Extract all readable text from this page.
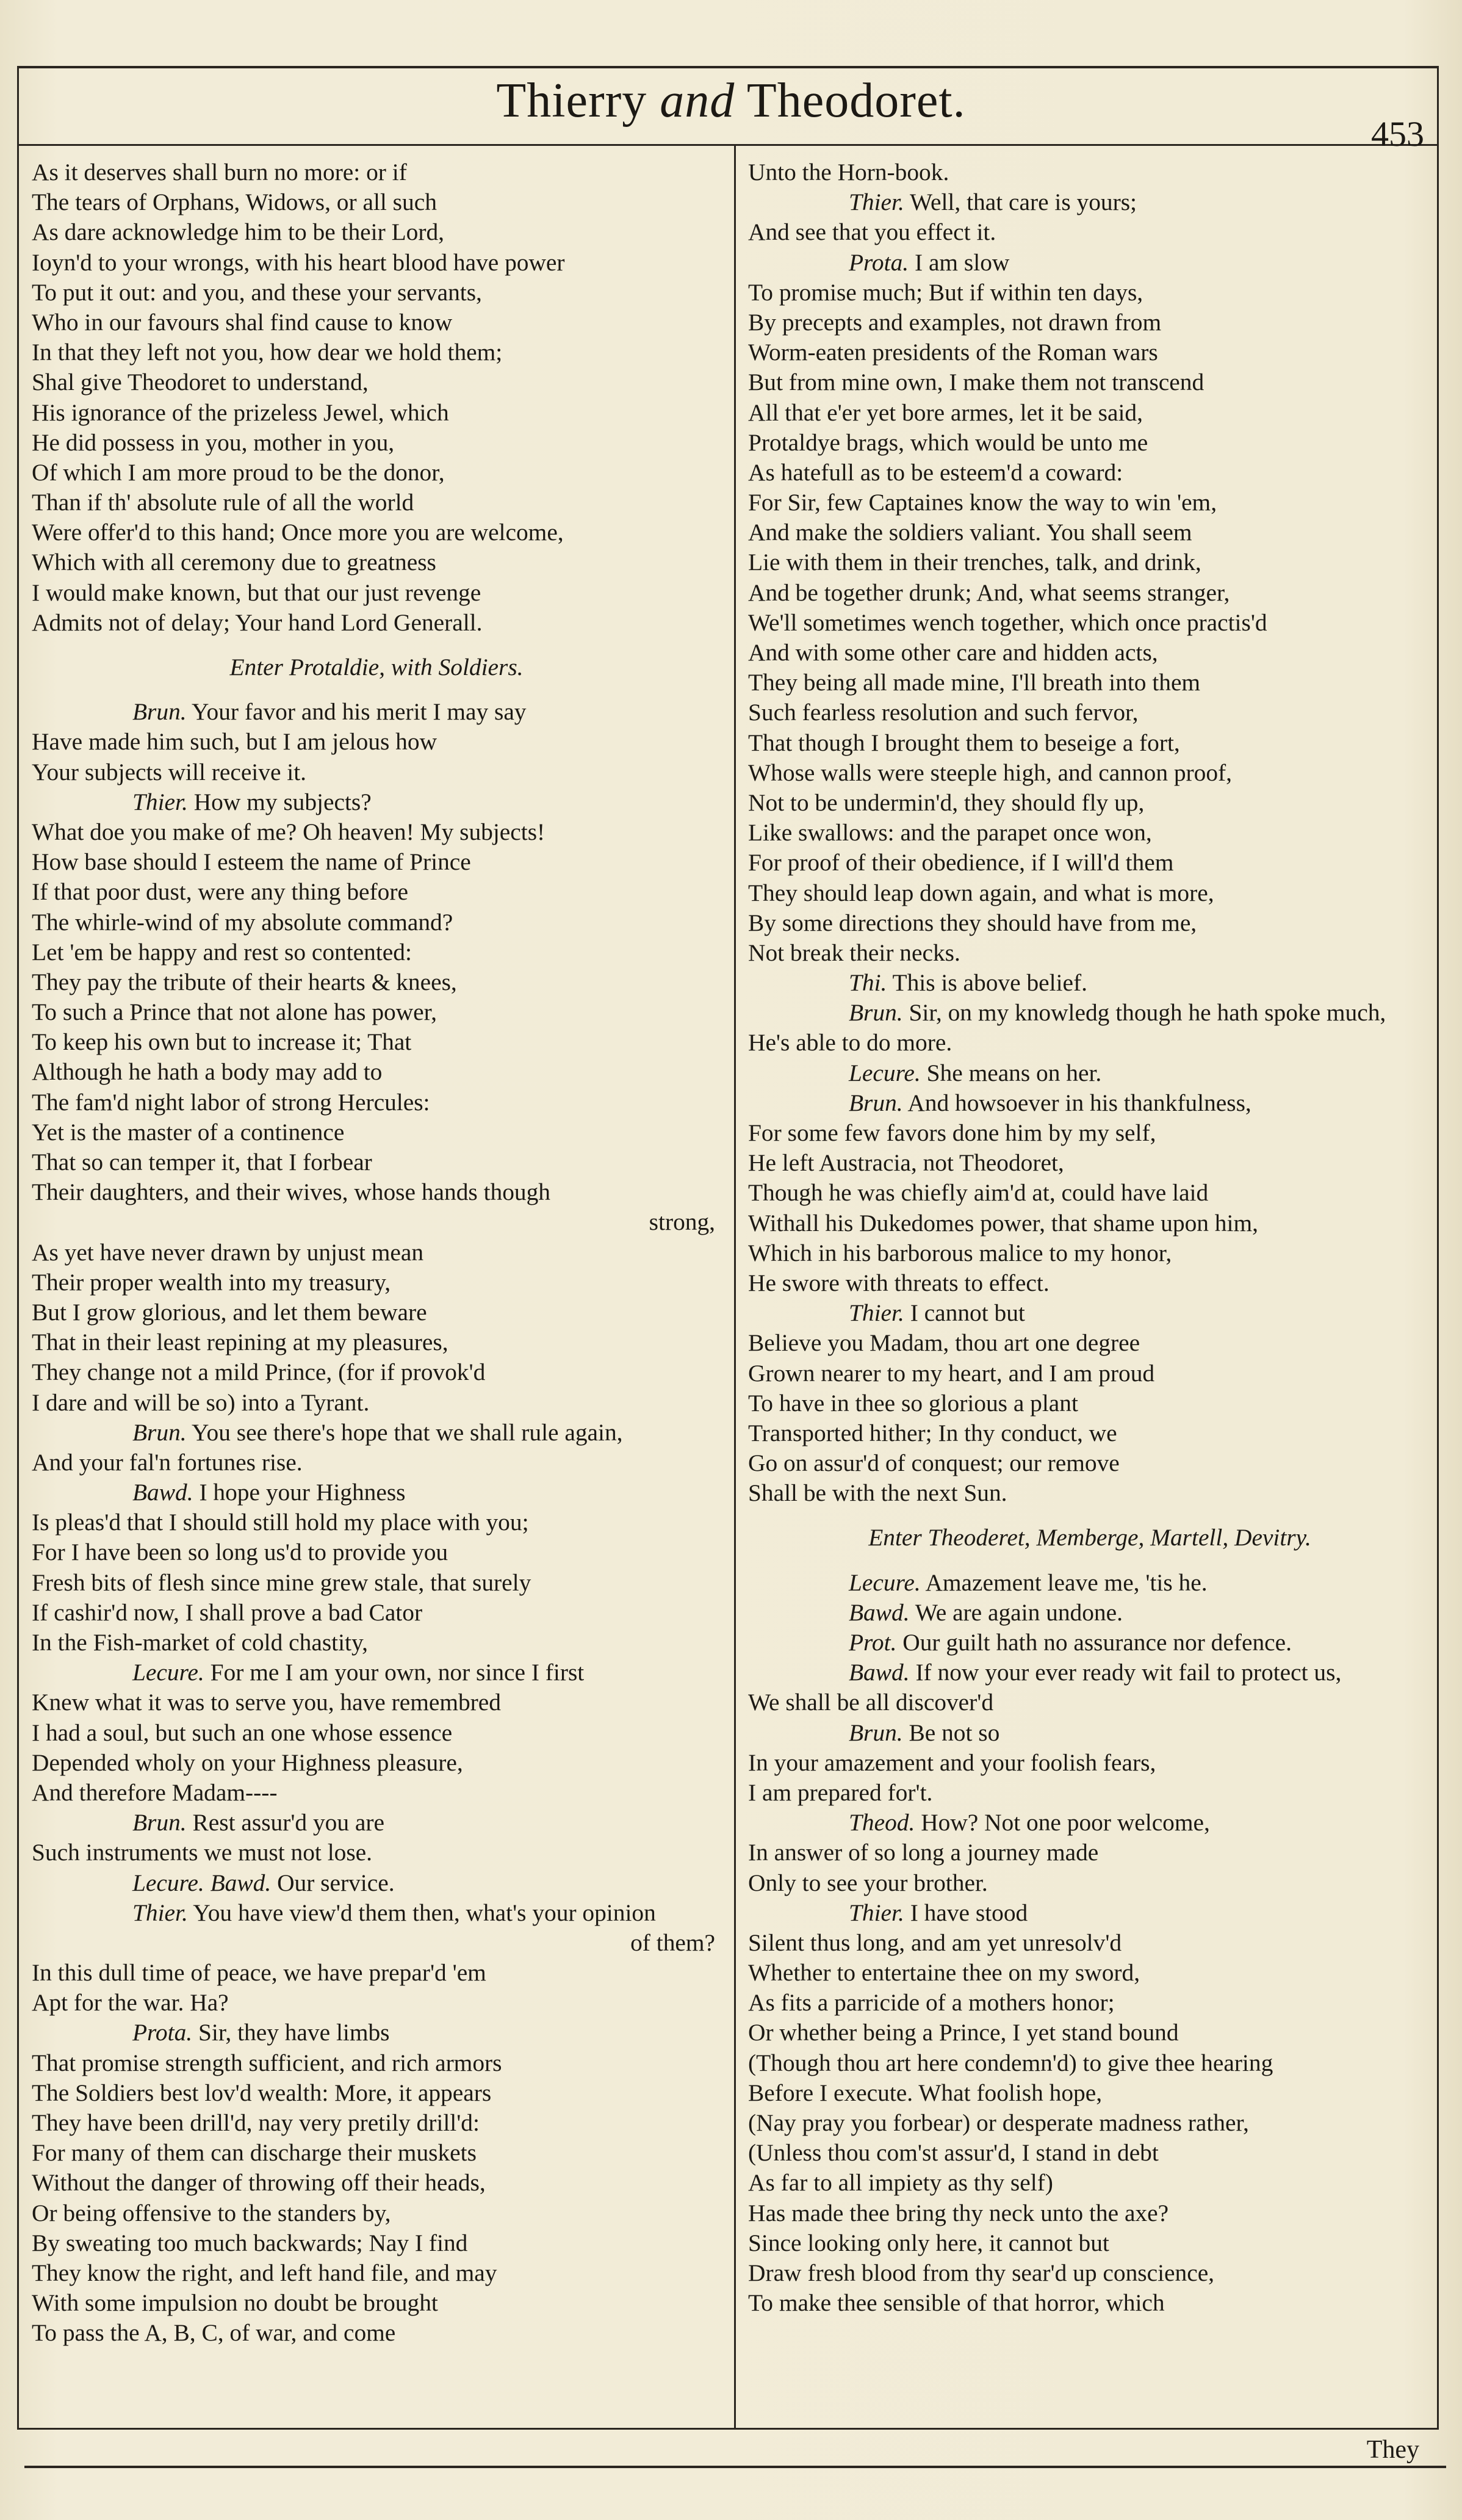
Thierry and Theodoret.
453
As it deserves shall burn no more: or if
The tears of Orphans, Widows, or all such
As dare acknowledge him to be their Lord,
Ioyn'd to your wrongs, with his heart blood have power
To put it out: and you, and these your servants,
Who in our favours shal find cause to know
In that they left not you, how dear we hold them;
Shal give Theodoret to understand,
His ignorance of the prizeless Jewel, which
He did possess in you, mother in you,
Of which I am more proud to be the donor,
Than if th' absolute rule of all the world
Were offer'd to this hand; Once more you are welcome,
Which with all ceremony due to greatness
I would make known, but that our just revenge
Admits not of delay; Your hand Lord Generall.
Enter Protaldie, with Soldiers.
Brun. Your favor and his merit I may say
Have made him such, but I am jelous how
Your subjects will receive it.
Thier. How my subjects?
What doe you make of me? Oh heaven! My subjects!
How base should I esteem the name of Prince
If that poor dust, were any thing before
The whirle-wind of my absolute command?
Let 'em be happy and rest so contented:
They pay the tribute of their hearts & knees,
To such a Prince that not alone has power,
To keep his own but to increase it; That
Although he hath a body may add to
The fam'd night labor of strong Hercules:
Yet is the master of a continence
That so can temper it, that I forbear
Their daughters, and their wives, whose hands though
strong,
As yet have never drawn by unjust mean
Their proper wealth into my treasury,
But I grow glorious, and let them beware
That in their least repining at my pleasures,
They change not a mild Prince, (for if provok'd
I dare and will be so) into a Tyrant.
Brun. You see there's hope that we shall rule again,
And your fal'n fortunes rise.
Bawd. I hope your Highness
Is pleas'd that I should still hold my place with you;
For I have been so long us'd to provide you
Fresh bits of flesh since mine grew stale, that surely
If cashir'd now, I shall prove a bad Cator
In the Fish-market of cold chastity,
Lecure. For me I am your own, nor since I first
Knew what it was to serve you, have remembred
I had a soul, but such an one whose essence
Depended wholy on your Highness pleasure,
And therefore Madam----
Brun. Rest assur'd you are
Such instruments we must not lose.
Lecure. Bawd. Our service.
Thier. You have view'd them then, what's your opinion
of them?
In this dull time of peace, we have prepar'd 'em
Apt for the war. Ha?
Prota. Sir, they have limbs
That promise strength sufficient, and rich armors
The Soldiers best lov'd wealth: More, it appears
They have been drill'd, nay very pretily drill'd:
For many of them can discharge their muskets
Without the danger of throwing off their heads,
Or being offensive to the standers by,
By sweating too much backwards; Nay I find
They know the right, and left hand file, and may
With some impulsion no doubt be brought
To pass the A, B, C, of war, and come
Unto the Horn-book.
Thier. Well, that care is yours;
And see that you effect it.
Prota. I am slow
To promise much; But if within ten days,
By precepts and examples, not drawn from
Worm-eaten presidents of the Roman wars
But from mine own, I make them not transcend
All that e'er yet bore armes, let it be said,
Protaldye brags, which would be unto me
As hatefull as to be esteem'd a coward:
For Sir, few Captaines know the way to win 'em,
And make the soldiers valiant. You shall seem
Lie with them in their trenches, talk, and drink,
And be together drunk; And, what seems stranger,
We'll sometimes wench together, which once practis'd
And with some other care and hidden acts,
They being all made mine, I'll breath into them
Such fearless resolution and such fervor,
That though I brought them to beseige a fort,
Whose walls were steeple high, and cannon proof,
Not to be undermin'd, they should fly up,
Like swallows: and the parapet once won,
For proof of their obedience, if I will'd them
They should leap down again, and what is more,
By some directions they should have from me,
Not break their necks.
Thi. This is above belief.
Brun. Sir, on my knowledg though he hath spoke much,
He's able to do more.
Lecure. She means on her.
Brun. And howsoever in his thankfulness,
For some few favors done him by my self,
He left Austracia, not Theodoret,
Though he was chiefly aim'd at, could have laid
Withall his Dukedomes power, that shame upon him,
Which in his barborous malice to my honor,
He swore with threats to effect.
Thier. I cannot but
Believe you Madam, thou art one degree
Grown nearer to my heart, and I am proud
To have in thee so glorious a plant
Transported hither; In thy conduct, we
Go on assur'd of conquest; our remove
Shall be with the next Sun.
Enter Theoderet, Memberge, Martell, Devitry.
Lecure. Amazement leave me, 'tis he.
Bawd. We are again undone.
Prot. Our guilt hath no assurance nor defence.
Bawd. If now your ever ready wit fail to protect us,
We shall be all discover'd
Brun. Be not so
In your amazement and your foolish fears,
I am prepared for't.
Theod. How? Not one poor welcome,
In answer of so long a journey made
Only to see your brother.
Thier. I have stood
Silent thus long, and am yet unresolv'd
Whether to entertaine thee on my sword,
As fits a parricide of a mothers honor;
Or whether being a Prince, I yet stand bound
(Though thou art here condemn'd) to give thee hearing
Before I execute. What foolish hope,
(Nay pray you forbear) or desperate madness rather,
(Unless thou com'st assur'd, I stand in debt
As far to all impiety as thy self)
Has made thee bring thy neck unto the axe?
Since looking only here, it cannot but
Draw fresh blood from thy sear'd up conscience,
To make thee sensible of that horror, which
They
